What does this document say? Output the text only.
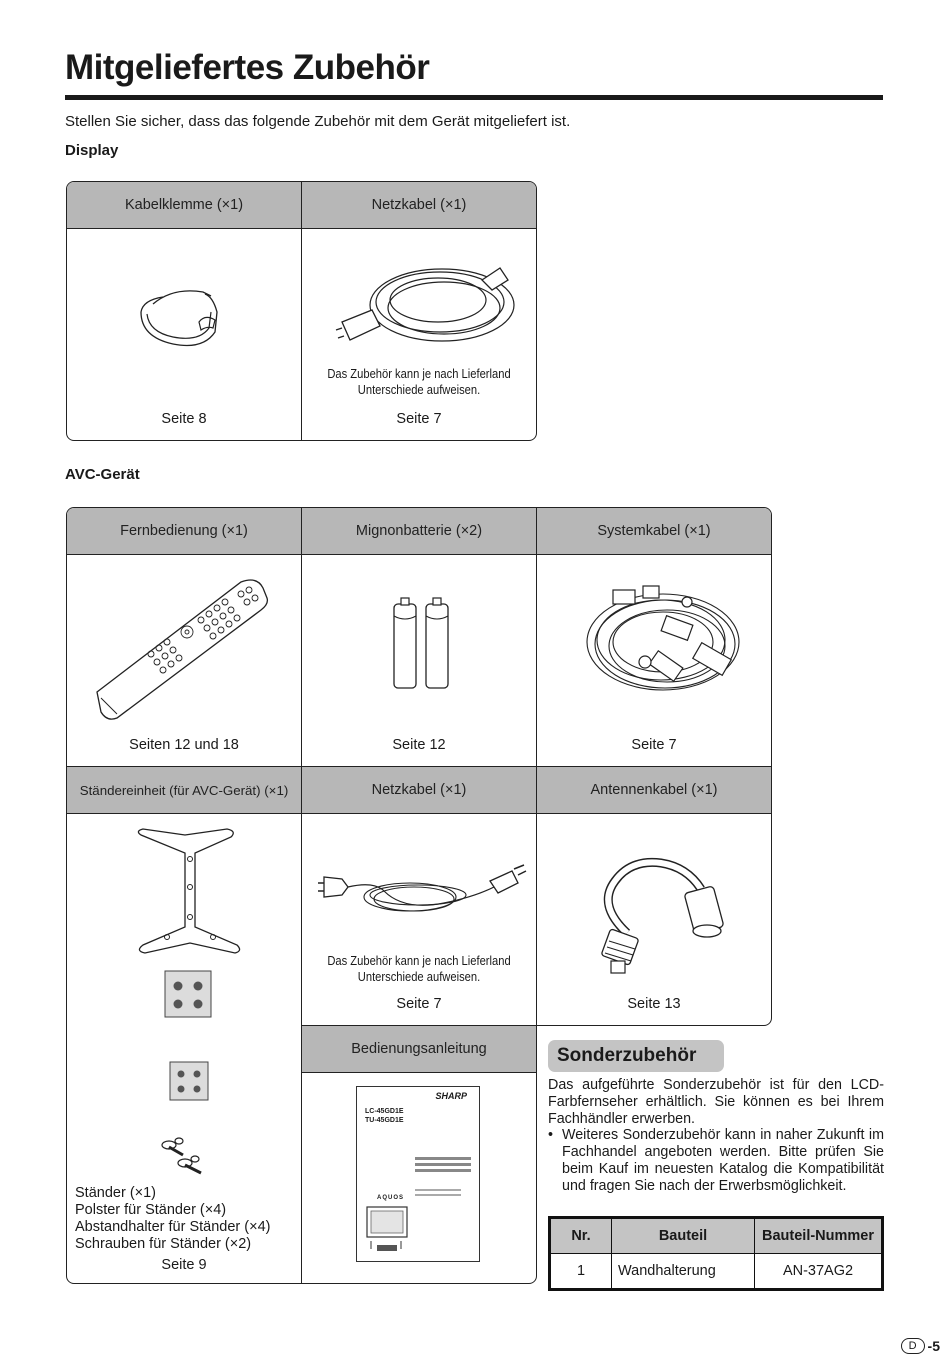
Mitgeliefertes Zubehör
Stellen Sie sicher, dass das folgende Zubehör mit dem Gerät mitgeliefert ist.
Display
Kabelklemme (×1)
Seite 8
Netzkabel (×1)
Das Zubehör kann je nach Lieferland Unterschiede aufweisen.
Seite 7
AVC-Gerät
Fernbedienung (×1)
Seiten 12 und 18
Mignonbatterie (×2)
Seite 12
Systemkabel (×1)
Seite 7
Ständereinheit (für AVC-Gerät) (×1)
Ständer (×1)
Polster für Ständer (×4)
Abstandhalter für Ständer (×4)
Schrauben für Ständer (×2)
Seite 9
Netzkabel (×1)
Das Zubehör kann je nach Lieferland Unterschiede aufweisen.
Seite 7
Antennenkabel (×1)
Seite 13
Bedienungsanleitung
SHARP
LC-45GD1E
TU-45GD1E
AQUOS
Sonderzubehör

Das aufgeführte Sonderzubehör ist für den LCD-Farbfernseher erhältlich. Sie können es bei Ihrem Fachhändler erwerben.

• Weiteres Sonderzubehör kann in naher Zukunft im Fachhandel angeboten werden. Bitte prüfen Sie beim Kauf im neuesten Katalog die Kompatibilität und fragen Sie nach der Erwerbsmöglichkeit.

Nr.	Bauteil	Bauteil-Nummer
1	Wandhalterung	AN-37AG2
D -5
